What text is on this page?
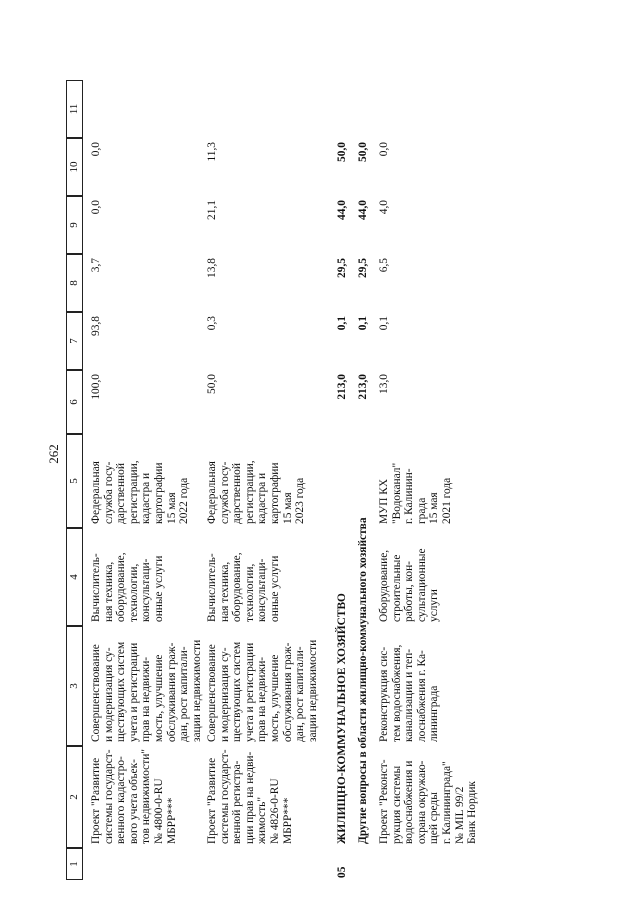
262
1
2
3
4
5
6
7
8
9
10
11
Проект "Развитие
системы государст-
венного кадастро-
вого учета объек-
тов недвижимости"
№ 4800-0-RU
МБРР***
Совершенствование
и модернизация су-
ществующих систем
учета и регистрации
прав на недвижи-
мость, улучшение
обслуживания граж-
дан, рост капитали-
зации недвижимости
Вычислитель-
ная техника,
оборудование,
технологии,
консультаци-
онные услуги
Федеральная
служба госу-
дарственной
регистрации,
кадастра и
картографии
15 мая
2022 года
100,0
93,8
3,7
0,0
0,0
Проект "Развитие
системы государст-
венной регистра-
ции прав на недви-
жимость"
№ 4826-0-RU
МБРР***
Совершенствование
и модернизация су-
ществующих систем
учета и регистрации
прав на недвижи-
мость, улучшение
обслуживания граж-
дан, рост капитали-
зации недвижимости
Вычислитель-
ная техника,
оборудование,
технологии,
консультаци-
онные услуги
Федеральная
служба госу-
дарственной
регистрации,
кадастра и
картографии
15 мая
2023 года
50,0
0,3
13,8
21,1
11,3
05
ЖИЛИЩНО-КОММУНАЛЬНОЕ ХОЗЯЙСТВО
213,0
0,1
29,5
44,0
50,0
Другие вопросы в области жилищно-коммунального хозяйства
213,0
0,1
29,5
44,0
50,0
Проект "Реконст-
рукция системы
водоснабжения и
охрана окружаю-
щей среды
г. Калининграда"
№ MIL 99/2
Банк Нордик
Реконструкция сис-
тем водоснабжения,
канализации и теп-
лоснабжения г. Ка-
лининграда
Оборудование,
строительные
работы, кон-
сультационные
услуги
МУП КХ
"Водоканал"
г. Калинин-
града
15 мая
2021 года
13,0
0,1
6,5
4,0
0,0
